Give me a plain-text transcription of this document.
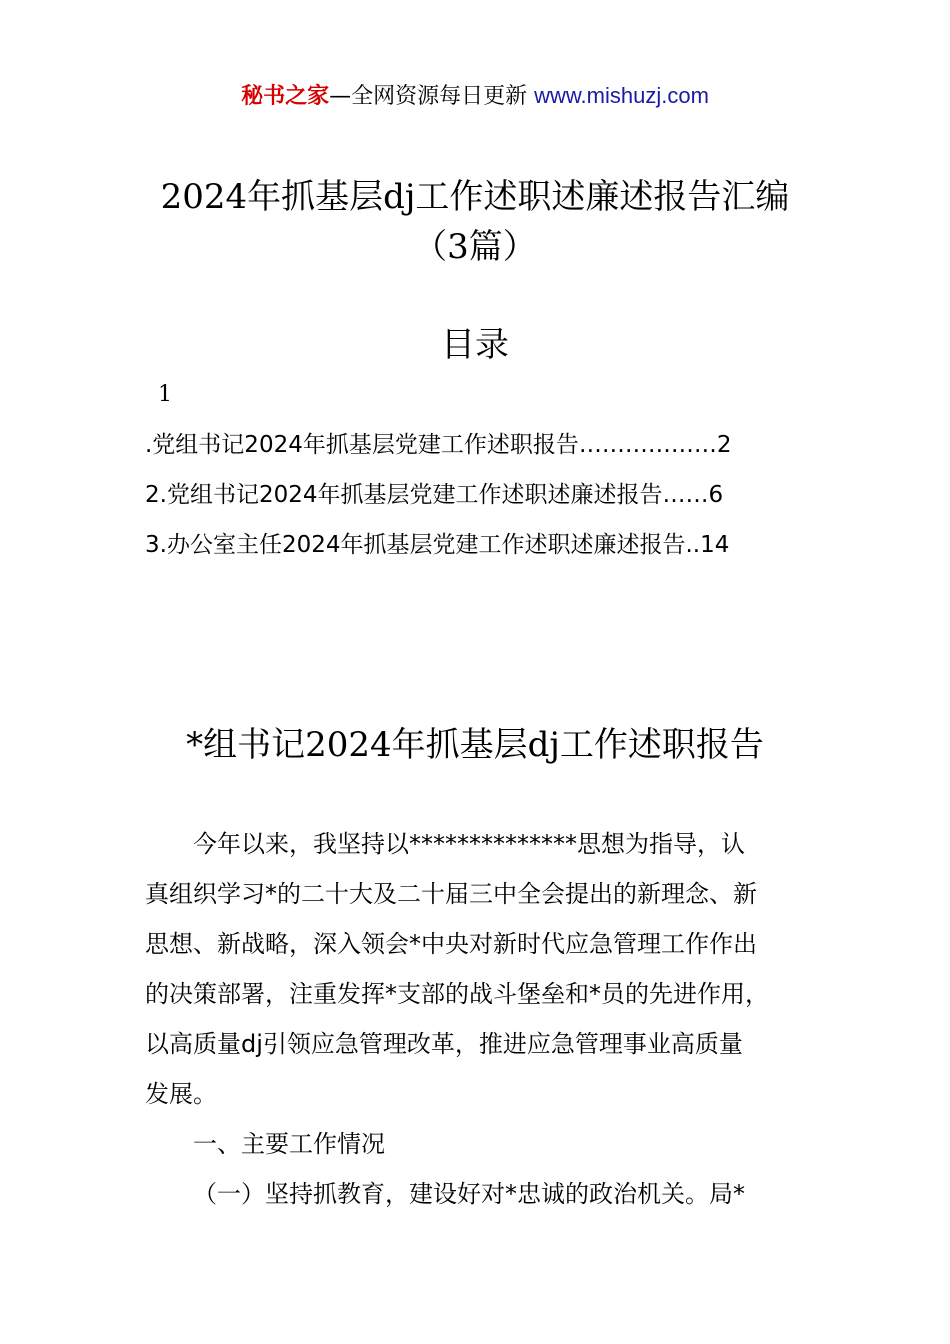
秘书之家—全网资源每日更新 www.mishuzj.com
2024年抓基层dj工作述职述廉述报告汇编
（3篇）
目录
1
.党组书记2024年抓基层党建工作述职报告………………2
2.党组书记2024年抓基层党建工作述职述廉述报告……6
3.办公室主任2024年抓基层党建工作述职述廉述报告..14
*组书记2024年抓基层dj工作述职报告
今年以来，我坚持以**************思想为指导，认
真组织学习*的二十大及二十届三中全会提出的新理念、新
思想、新战略，深入领会*中央对新时代应急管理工作作出
的决策部署，注重发挥*支部的战斗堡垒和*员的先进作用，
以高质量dj引领应急管理改革，推进应急管理事业高质量
发展。
一、主要工作情况
（一）坚持抓教育，建设好对*忠诚的政治机关。局*
